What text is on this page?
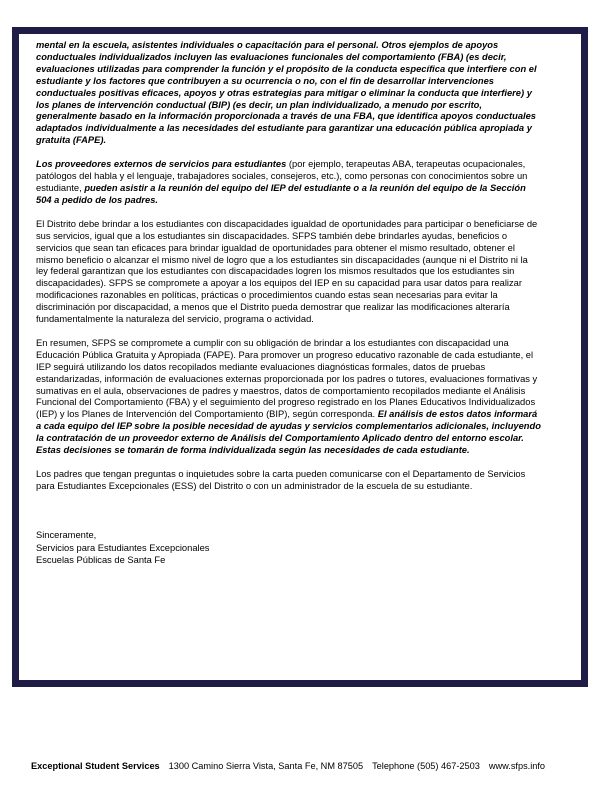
mental en la escuela, asistentes individuales o capacitación para el personal. Otros ejemplos de apoyos conductuales individualizados incluyen las evaluaciones funcionales del comportamiento (FBA) (es decir, evaluaciones utilizadas para comprender la función y el propósito de la conducta específica que interfiere con el estudiante y los factores que contribuyen a su ocurrencia o no, con el fin de desarrollar intervenciones conductuales positivas eficaces, apoyos y otras estrategias para mitigar o eliminar la conducta que interfiere) y los planes de intervención conductual (BIP) (es decir, un plan individualizado, a menudo por escrito, generalmente basado en la información proporcionada a través de una FBA, que identifica apoyos conductuales adaptados individualmente a las necesidades del estudiante para garantizar una educación pública apropiada y gratuita (FAPE).

Los proveedores externos de servicios para estudiantes (por ejemplo, terapeutas ABA, terapeutas ocupacionales, patólogos del habla y el lenguaje, trabajadores sociales, consejeros, etc.), como personas con conocimientos sobre un estudiante, pueden asistir a la reunión del equipo del IEP del estudiante o a la reunión del equipo de la Sección 504 a pedido de los padres.

El Distrito debe brindar a los estudiantes con discapacidades igualdad de oportunidades para participar o beneficiarse de sus servicios, igual que a los estudiantes sin discapacidades. SFPS también debe brindarles ayudas, beneficios o servicios que sean tan eficaces para brindar igualdad de oportunidades para obtener el mismo resultado, obtener el mismo beneficio o alcanzar el mismo nivel de logro que a los estudiantes sin discapacidades (aunque ni el Distrito ni la ley federal garantizan que los estudiantes con discapacidades logren los mismos resultados que los estudiantes sin discapacidades). SFPS se compromete a apoyar a los equipos del IEP en su capacidad para usar datos para realizar modificaciones razonables en políticas, prácticas o procedimientos cuando estas sean necesarias para evitar la discriminación por discapacidad, a menos que el Distrito pueda demostrar que realizar las modificaciones alteraría fundamentalmente la naturaleza del servicio, programa o actividad.

En resumen, SFPS se compromete a cumplir con su obligación de brindar a los estudiantes con discapacidad una Educación Pública Gratuita y Apropiada (FAPE). Para promover un progreso educativo razonable de cada estudiante, el IEP seguirá utilizando los datos recopilados mediante evaluaciones diagnósticas formales, datos de pruebas estandarizadas, información de evaluaciones externas proporcionada por los padres o tutores, evaluaciones formativas y sumativas en el aula, observaciones de padres y maestros, datos de comportamiento recopilados mediante el Análisis Funcional del Comportamiento (FBA) y el seguimiento del progreso registrado en los Planes Educativos Individualizados (IEP) y los Planes de Intervención del Comportamiento (BIP), según corresponda. El análisis de estos datos informará a cada equipo del IEP sobre la posible necesidad de ayudas y servicios complementarios adicionales, incluyendo la contratación de un proveedor externo de Análisis del Comportamiento Aplicado dentro del entorno escolar. Estas decisiones se tomarán de forma individualizada según las necesidades de cada estudiante.

Los padres que tengan preguntas o inquietudes sobre la carta pueden comunicarse con el Departamento de Servicios para Estudiantes Excepcionales (ESS) del Distrito o con un administrador de la escuela de su estudiante.

Sinceramente,
Servicios para Estudiantes Excepcionales
Escuelas Públicas de Santa Fe
Exceptional Student Services 1300 Camino Sierra Vista, Santa Fe, NM 87505 Telephone (505) 467-2503 www.sfps.info
